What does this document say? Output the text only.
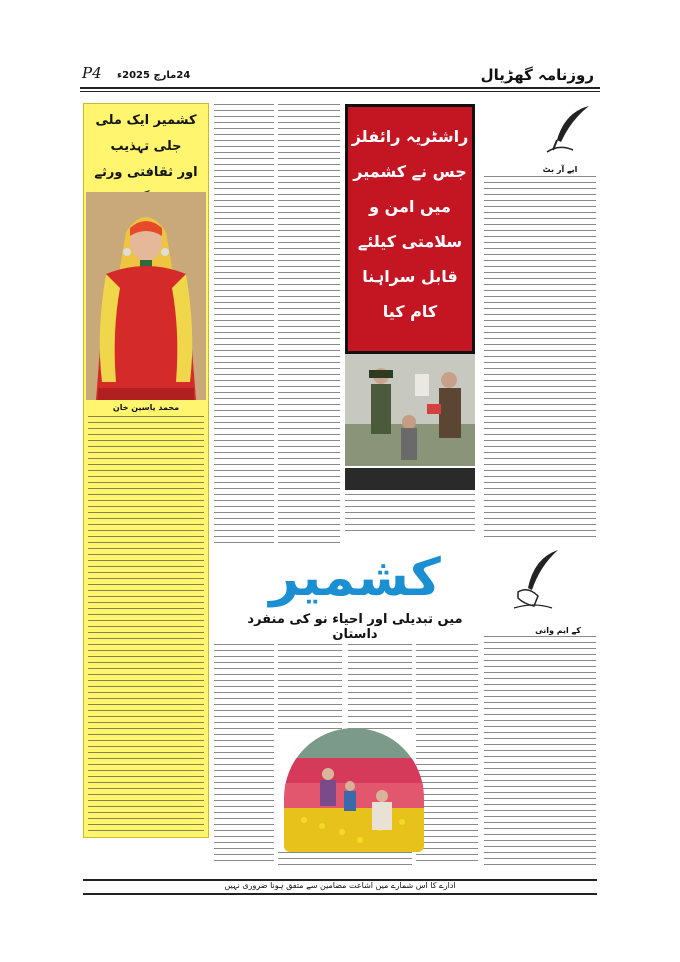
P4 24مارچ 2025ء	روزنامہ گھڑیال
کشمیر ایک ملی جلی تہذیب
اور ثقافتی ورثے
محمد یاسین خان
راشٹریہ رائفلز
جس نے کشمیر
میں امن و
سلامتی کیلئے
قابل سراہنا
کام کیا
ایے آر بٹ
کشمیر
میں تبدیلی اور احیاء نو کی منفرد داستان	کے ایم وانی
ادارے کا اس شمارے میں اشاعت مضامین سے متفق ہونا ضروری نہیں
